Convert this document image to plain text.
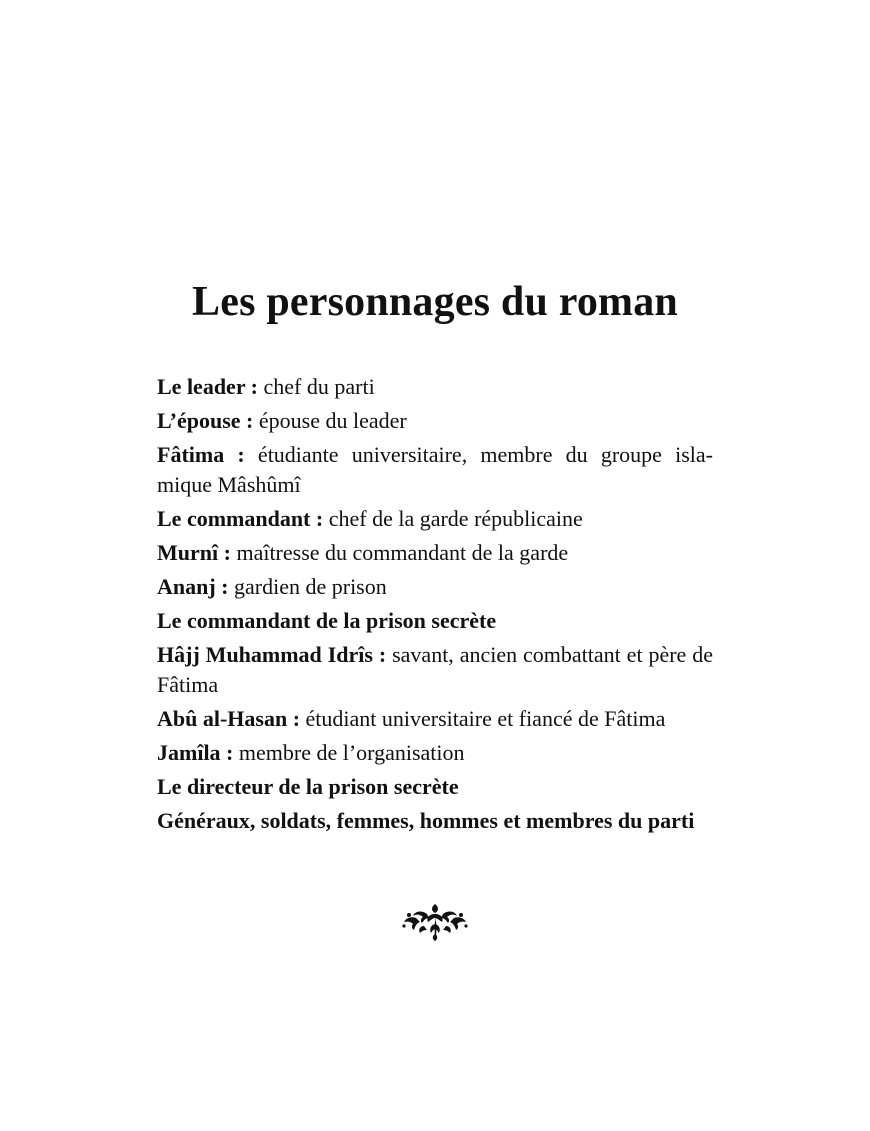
Les personnages du roman
Le leader : chef du parti
L’épouse : épouse du leader
Fâtima : étudiante universitaire, membre du groupe isla-mique Mâshûmî
Le commandant : chef de la garde républicaine
Murnî : maîtresse du commandant de la garde
Ananj : gardien de prison
Le commandant de la prison secrète
Hâjj Muhammad Idrîs : savant, ancien combattant et père de Fâtima
Abû al-Hasan : étudiant universitaire et fiancé de Fâtima
Jamîla : membre de l’organisation
Le directeur de la prison secrète
Généraux, soldats, femmes, hommes et membres du parti
